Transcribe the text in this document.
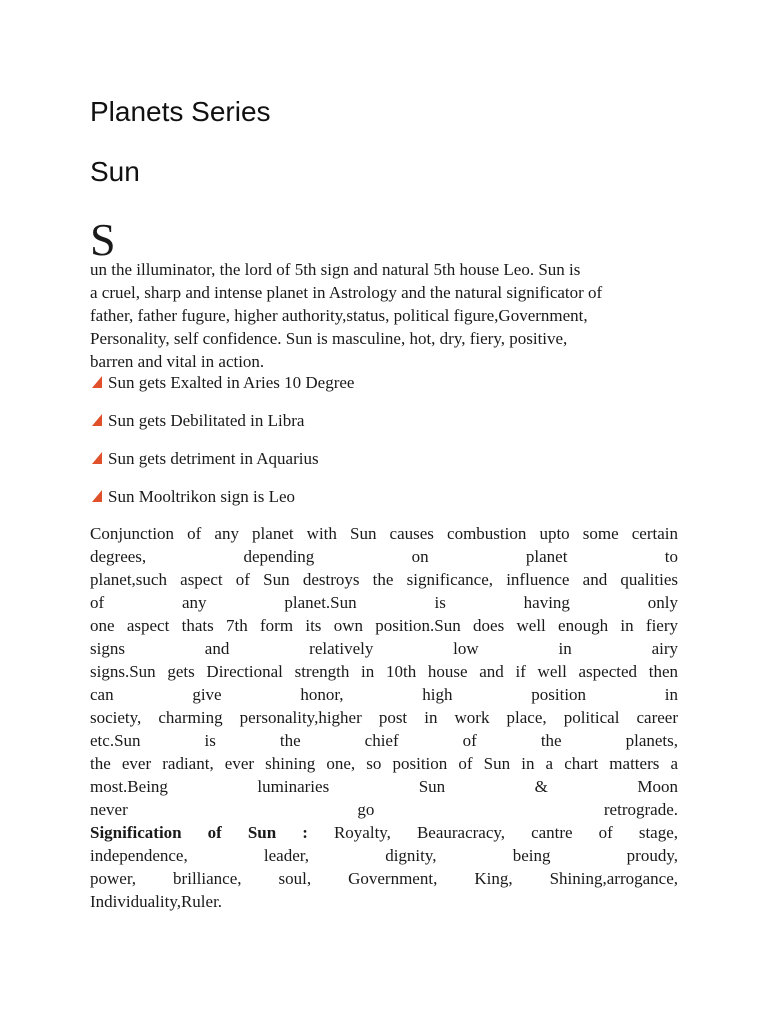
Planets Series
Sun
S
un the illuminator, the lord of 5th sign and natural 5th house Leo. Sun is
a cruel, sharp and intense planet in Astrology and the natural significator of
father, father fugure, higher authority,status, political figure,Government,
Personality, self confidence. Sun is masculine, hot, dry, fiery, positive,
barren and vital in action.
Sun gets Exalted in Aries 10 Degree
Sun gets Debilitated in Libra
Sun gets detriment in Aquarius
Sun Mooltrikon sign is Leo
Conjunction of any planet with Sun causes combustion upto some certain
degrees, depending on planet to
planet,such aspect of Sun destroys the significance, influence and qualities
of any planet.Sun is having only
one aspect thats 7th form its own position.Sun does well enough in fiery
signs and relatively low in airy
signs.Sun gets Directional strength in 10th house and if well aspected then
can give honor, high position in
society, charming personality,higher post in work place, political career
etc.Sun is the chief of the planets,
the ever radiant, ever shining one, so position of Sun in a chart matters a
most.Being luminaries Sun & Moon
never go retrograde.
Signification of Sun : Royalty, Beauracracy, cantre of stage,
independence, leader, dignity, being proudy,
power, brilliance, soul, Government, King, Shining,arrogance,
Individuality,Ruler.
